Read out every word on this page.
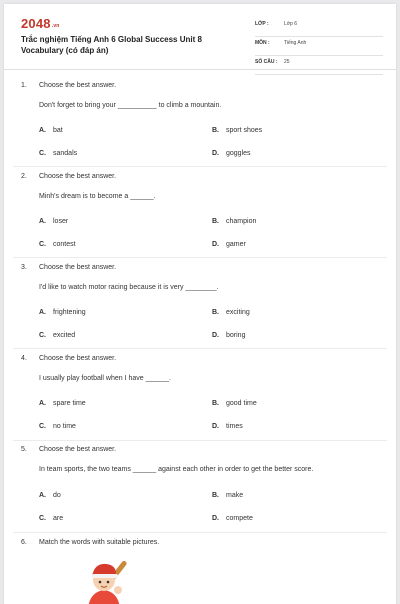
$2048^{.vn}$
Trắc nghiệm Tiếng Anh 6 Global Success Unit 8 Vocabulary (có đáp án)
LỚP :	Lớp 6
MÔN :	Tiếng Anh
SỐ CÂU : 25
1. Choose the best answer.
Don't forget to bring your __________ to climb a mountain.
A. bat	B. sport shoes
C. sandals	D. goggles
2. Choose the best answer.
Minh's dream is to become a ______.
A. loser	B. champion
C. contest	D. gamer
3. Choose the best answer.
I'd like to watch motor racing because it is very ________.
A. frightening	B. exciting
C. excited	D. boring
4. Choose the best answer.
I usually play football when I have ______.
A. spare time	B. good time
C. no time	D. times
5. Choose the best answer.
In team sports, the two teams ______ against each other in order to get the better score.
A. do	B. make
C. are	D. compete
6. Match the words with suitable pictures.
